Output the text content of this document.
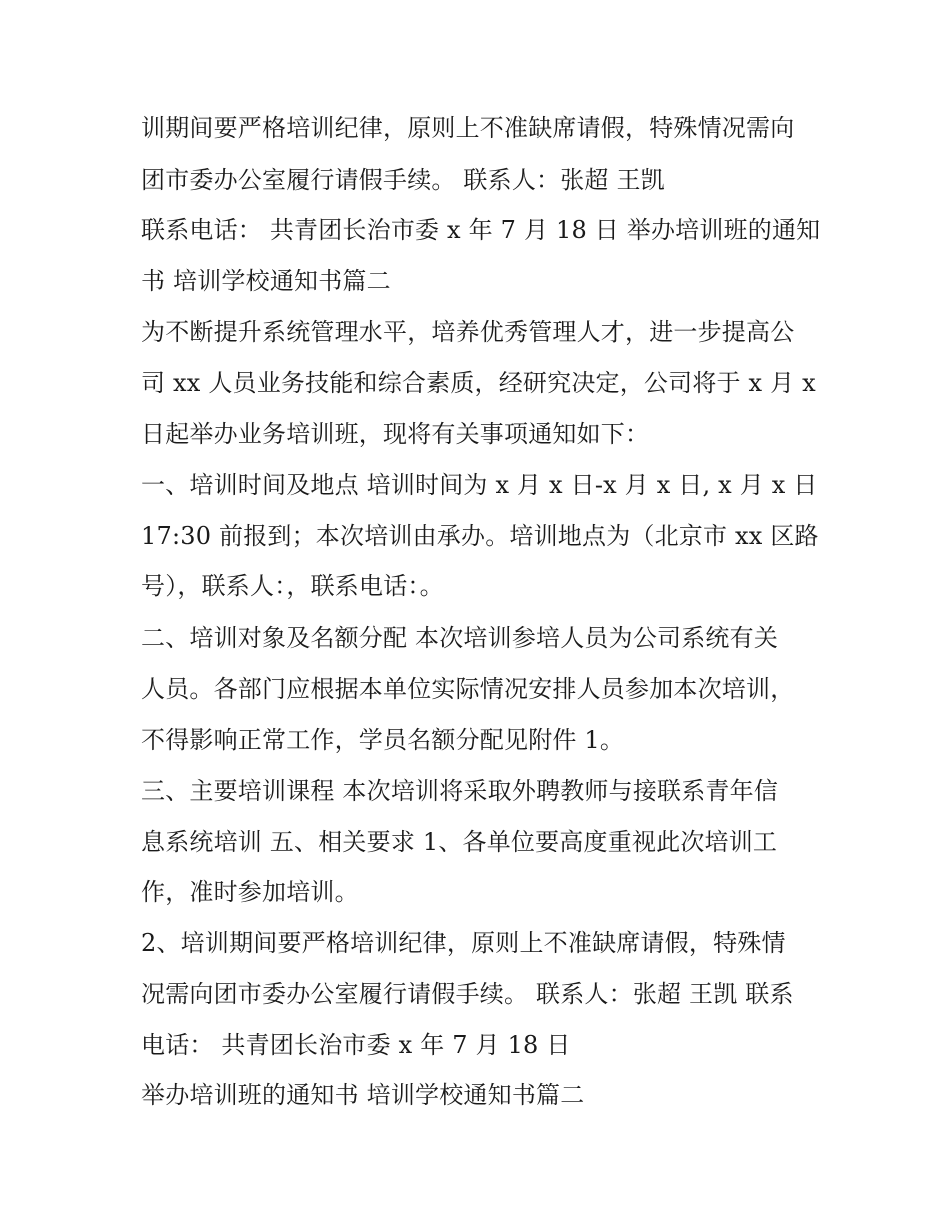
训期间要严格培训纪律，原则上不准缺席请假，特殊情况需向

团市委办公室履行请假手续。 联系人：张超 王凯

联系电话： 共青团长治市委 x 年 7 月 18 日 举办培训班的通知

书 培训学校通知书篇二

为不断提升系统管理水平，培养优秀管理人才，进一步提高公

司 xx 人员业务技能和综合素质，经研究决定，公司将于 x 月 x

日起举办业务培训班，现将有关事项通知如下：

一、培训时间及地点 培训时间为 x 月 x 日-x 月 x 日, x 月 x 日

17:30 前报到；本次培训由承办。培训地点为（北京市 xx 区路

号），联系人：，联系电话：。

二、培训对象及名额分配 本次培训参培人员为公司系统有关

人员。各部门应根据本单位实际情况安排人员参加本次培训，

不得影响正常工作，学员名额分配见附件 1。

三、主要培训课程 本次培训将采取外聘教师与接联系青年信

息系统培训 五、相关要求 1、各单位要高度重视此次培训工

作，准时参加培训。

2、培训期间要严格培训纪律，原则上不准缺席请假，特殊情

况需向团市委办公室履行请假手续。 联系人：张超 王凯 联系

电话： 共青团长治市委 x 年 7 月 18 日

举办培训班的通知书 培训学校通知书篇二
